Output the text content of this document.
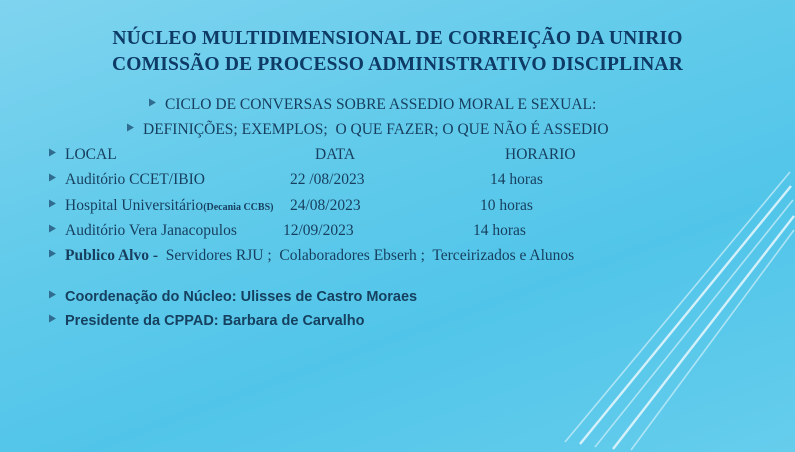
NÚCLEO MULTIDIMENSIONAL DE CORREIÇÃO DA UNIRIO
COMISSÃO DE PROCESSO ADMINISTRATIVO DISCIPLINAR
CICLO DE CONVERSAS SOBRE ASSEDIO MORAL E SEXUAL:
DEFINIÇÕES; EXEMPLOS;  O QUE FAZER; O QUE NÃO É ASSEDIO
LOCAL	DATA	HORARIO
Auditório CCET/IBIO	22 /08/2023	14 horas
Hospital Universitário(Decania CCBS)	24/08/2023	10 horas
Auditório Vera Janacopulos	12/09/2023	14 horas
Publico Alvo - Servidores RJU ;  Colaboradores Ebserh ;  Terceirizados e Alunos
Coordenação do Núcleo: Ulisses de Castro Moraes
Presidente da CPPAD: Barbara de Carvalho
